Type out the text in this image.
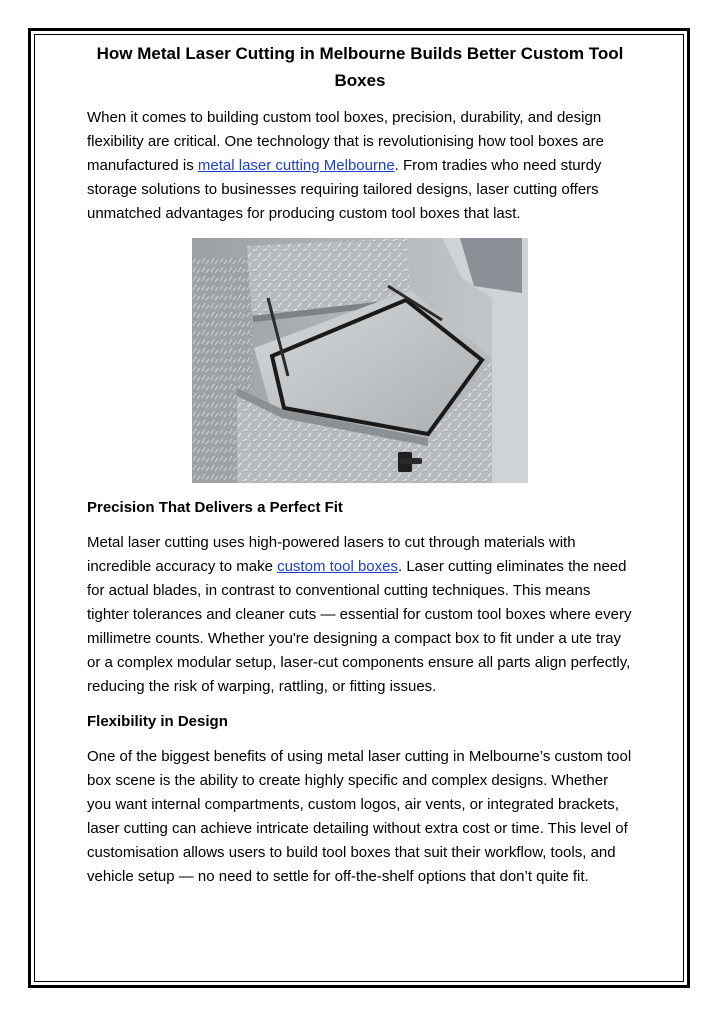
How Metal Laser Cutting in Melbourne Builds Better Custom Tool Boxes

When it comes to building custom tool boxes, precision, durability, and design flexibility are critical. One technology that is revolutionising how tool boxes are manufactured is metal laser cutting Melbourne. From tradies who need sturdy storage solutions to businesses requiring tailored designs, laser cutting offers unmatched advantages for producing custom tool boxes that last.

Precision That Delivers a Perfect Fit

Metal laser cutting uses high-powered lasers to cut through materials with incredible accuracy to make custom tool boxes. Laser cutting eliminates the need for actual blades, in contrast to conventional cutting techniques. This means tighter tolerances and cleaner cuts — essential for custom tool boxes where every millimetre counts. Whether you're designing a compact box to fit under a ute tray or a complex modular setup, laser-cut components ensure all parts align perfectly, reducing the risk of warping, rattling, or fitting issues.

Flexibility in Design

One of the biggest benefits of using metal laser cutting in Melbourne’s custom tool box scene is the ability to create highly specific and complex designs. Whether you want internal compartments, custom logos, air vents, or integrated brackets, laser cutting can achieve intricate detailing without extra cost or time. This level of customisation allows users to build tool boxes that suit their workflow, tools, and vehicle setup — no need to settle for off-the-shelf options that don’t quite fit.
